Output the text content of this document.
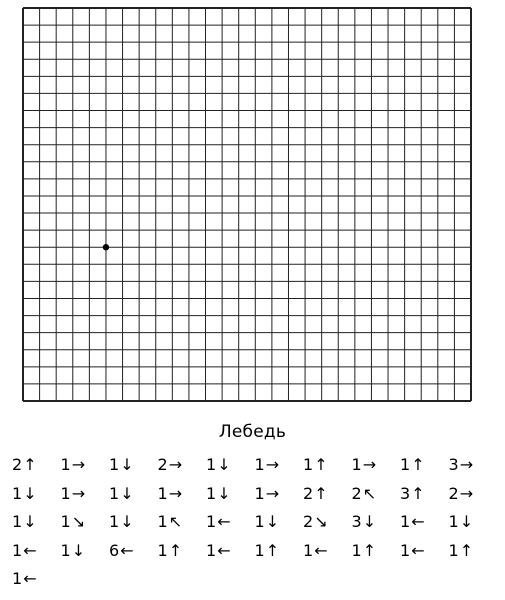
Лебедь
2↑	1→	1↓	2→	1↓	1→	1↑	1→	1↑	3→
1↓	1→	1↓	1→	1↓	1→	2↑	2↖	3↑	2→
1↓	1↘	1↓	1↖	1←	1↓	2↘	3↓	1←	1↓
1←	1↓	6←	1↑	1←	1↑	1←	1↑	1←	1↑
1←
